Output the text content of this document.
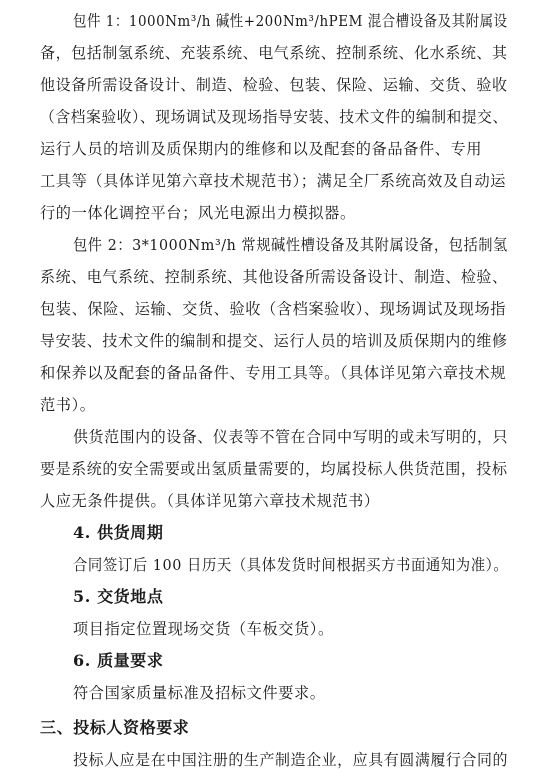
包件 1：1000Nm³/h 碱性+200Nm³/hPEM 混合槽设备及其附属设
备，包括制氢系统、充装系统、电气系统、控制系统、化水系统、其
他设备所需设备设计、制造、检验、包装、保险、运输、交货、验收
（含档案验收）、现场调试及现场指导安装、技术文件的编制和提交、
运行人员的培训及质保期内的维修和以及配套的备品备件、专用
工具等（具体详见第六章技术规范书）；满足全厂系统高效及自动运
行的一体化调控平台；风光电源出力模拟器。
包件 2：3*1000Nm³/h 常规碱性槽设备及其附属设备，包括制氢
系统、电气系统、控制系统、其他设备所需设备设计、制造、检验、
包装、保险、运输、交货、验收（含档案验收）、现场调试及现场指
导安装、技术文件的编制和提交、运行人员的培训及质保期内的维修
和保养以及配套的备品备件、专用工具等。（具体详见第六章技术规
范书）。
供货范围内的设备、仪表等不管在合同中写明的或未写明的，只
要是系统的安全需要或出氢质量需要的，均属投标人供货范围，投标
人应无条件提供。（具体详见第六章技术规范书）
4. 供货周期
合同签订后 100 日历天（具体发货时间根据买方书面通知为准）。
5. 交货地点
项目指定位置现场交货（车板交货）。
6. 质量要求
符合国家质量标准及招标文件要求。
三、投标人资格要求
投标人应是在中国注册的生产制造企业，应具有圆满履行合同的
